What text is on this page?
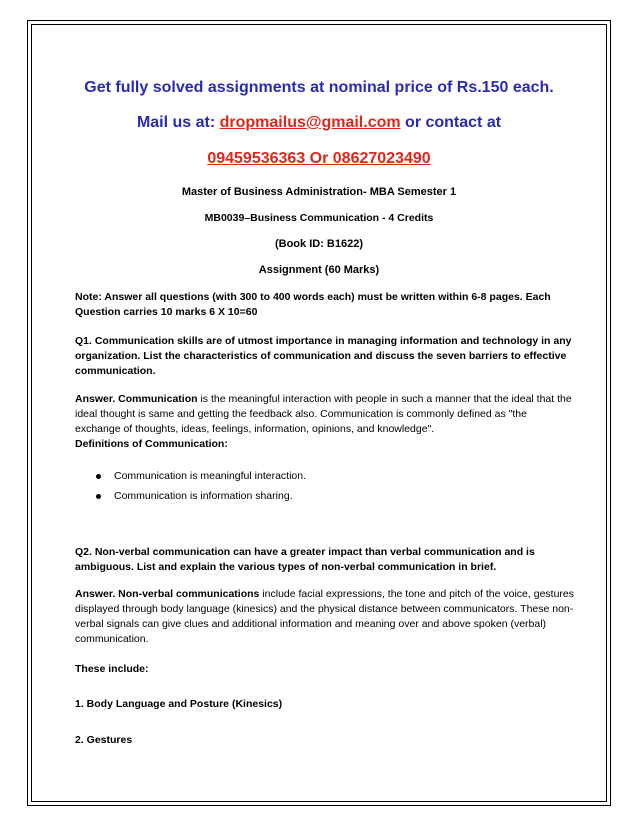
Get fully solved assignments at nominal price of Rs.150 each.
Mail us at: dropmailus@gmail.com or contact at
09459536363 Or 08627023490
Master of Business Administration- MBA Semester 1
MB0039–Business Communication - 4 Credits
(Book ID: B1622)
Assignment (60 Marks)
Note: Answer all questions (with 300 to 400 words each) must be written within 6-8 pages. Each Question carries 10 marks 6 X 10=60
Q1. Communication skills are of utmost importance in managing information and technology in any organization. List the characteristics of communication and discuss the seven barriers to effective communication.
Answer. Communication is the meaningful interaction with people in such a manner that the ideal that the ideal thought is same and getting the feedback also. Communication is commonly defined as "the exchange of thoughts, ideas, feelings, information, opinions, and knowledge".
Definitions of Communication:
Communication is meaningful interaction.
Communication is information sharing.
Q2. Non-verbal communication can have a greater impact than verbal communication and is ambiguous. List and explain the various types of non-verbal communication in brief.
Answer. Non-verbal communications include facial expressions, the tone and pitch of the voice, gestures displayed through body language (kinesics) and the physical distance between communicators. These non-verbal signals can give clues and additional information and meaning over and above spoken (verbal) communication.
These include:
1. Body Language and Posture (Kinesics)
2. Gestures
